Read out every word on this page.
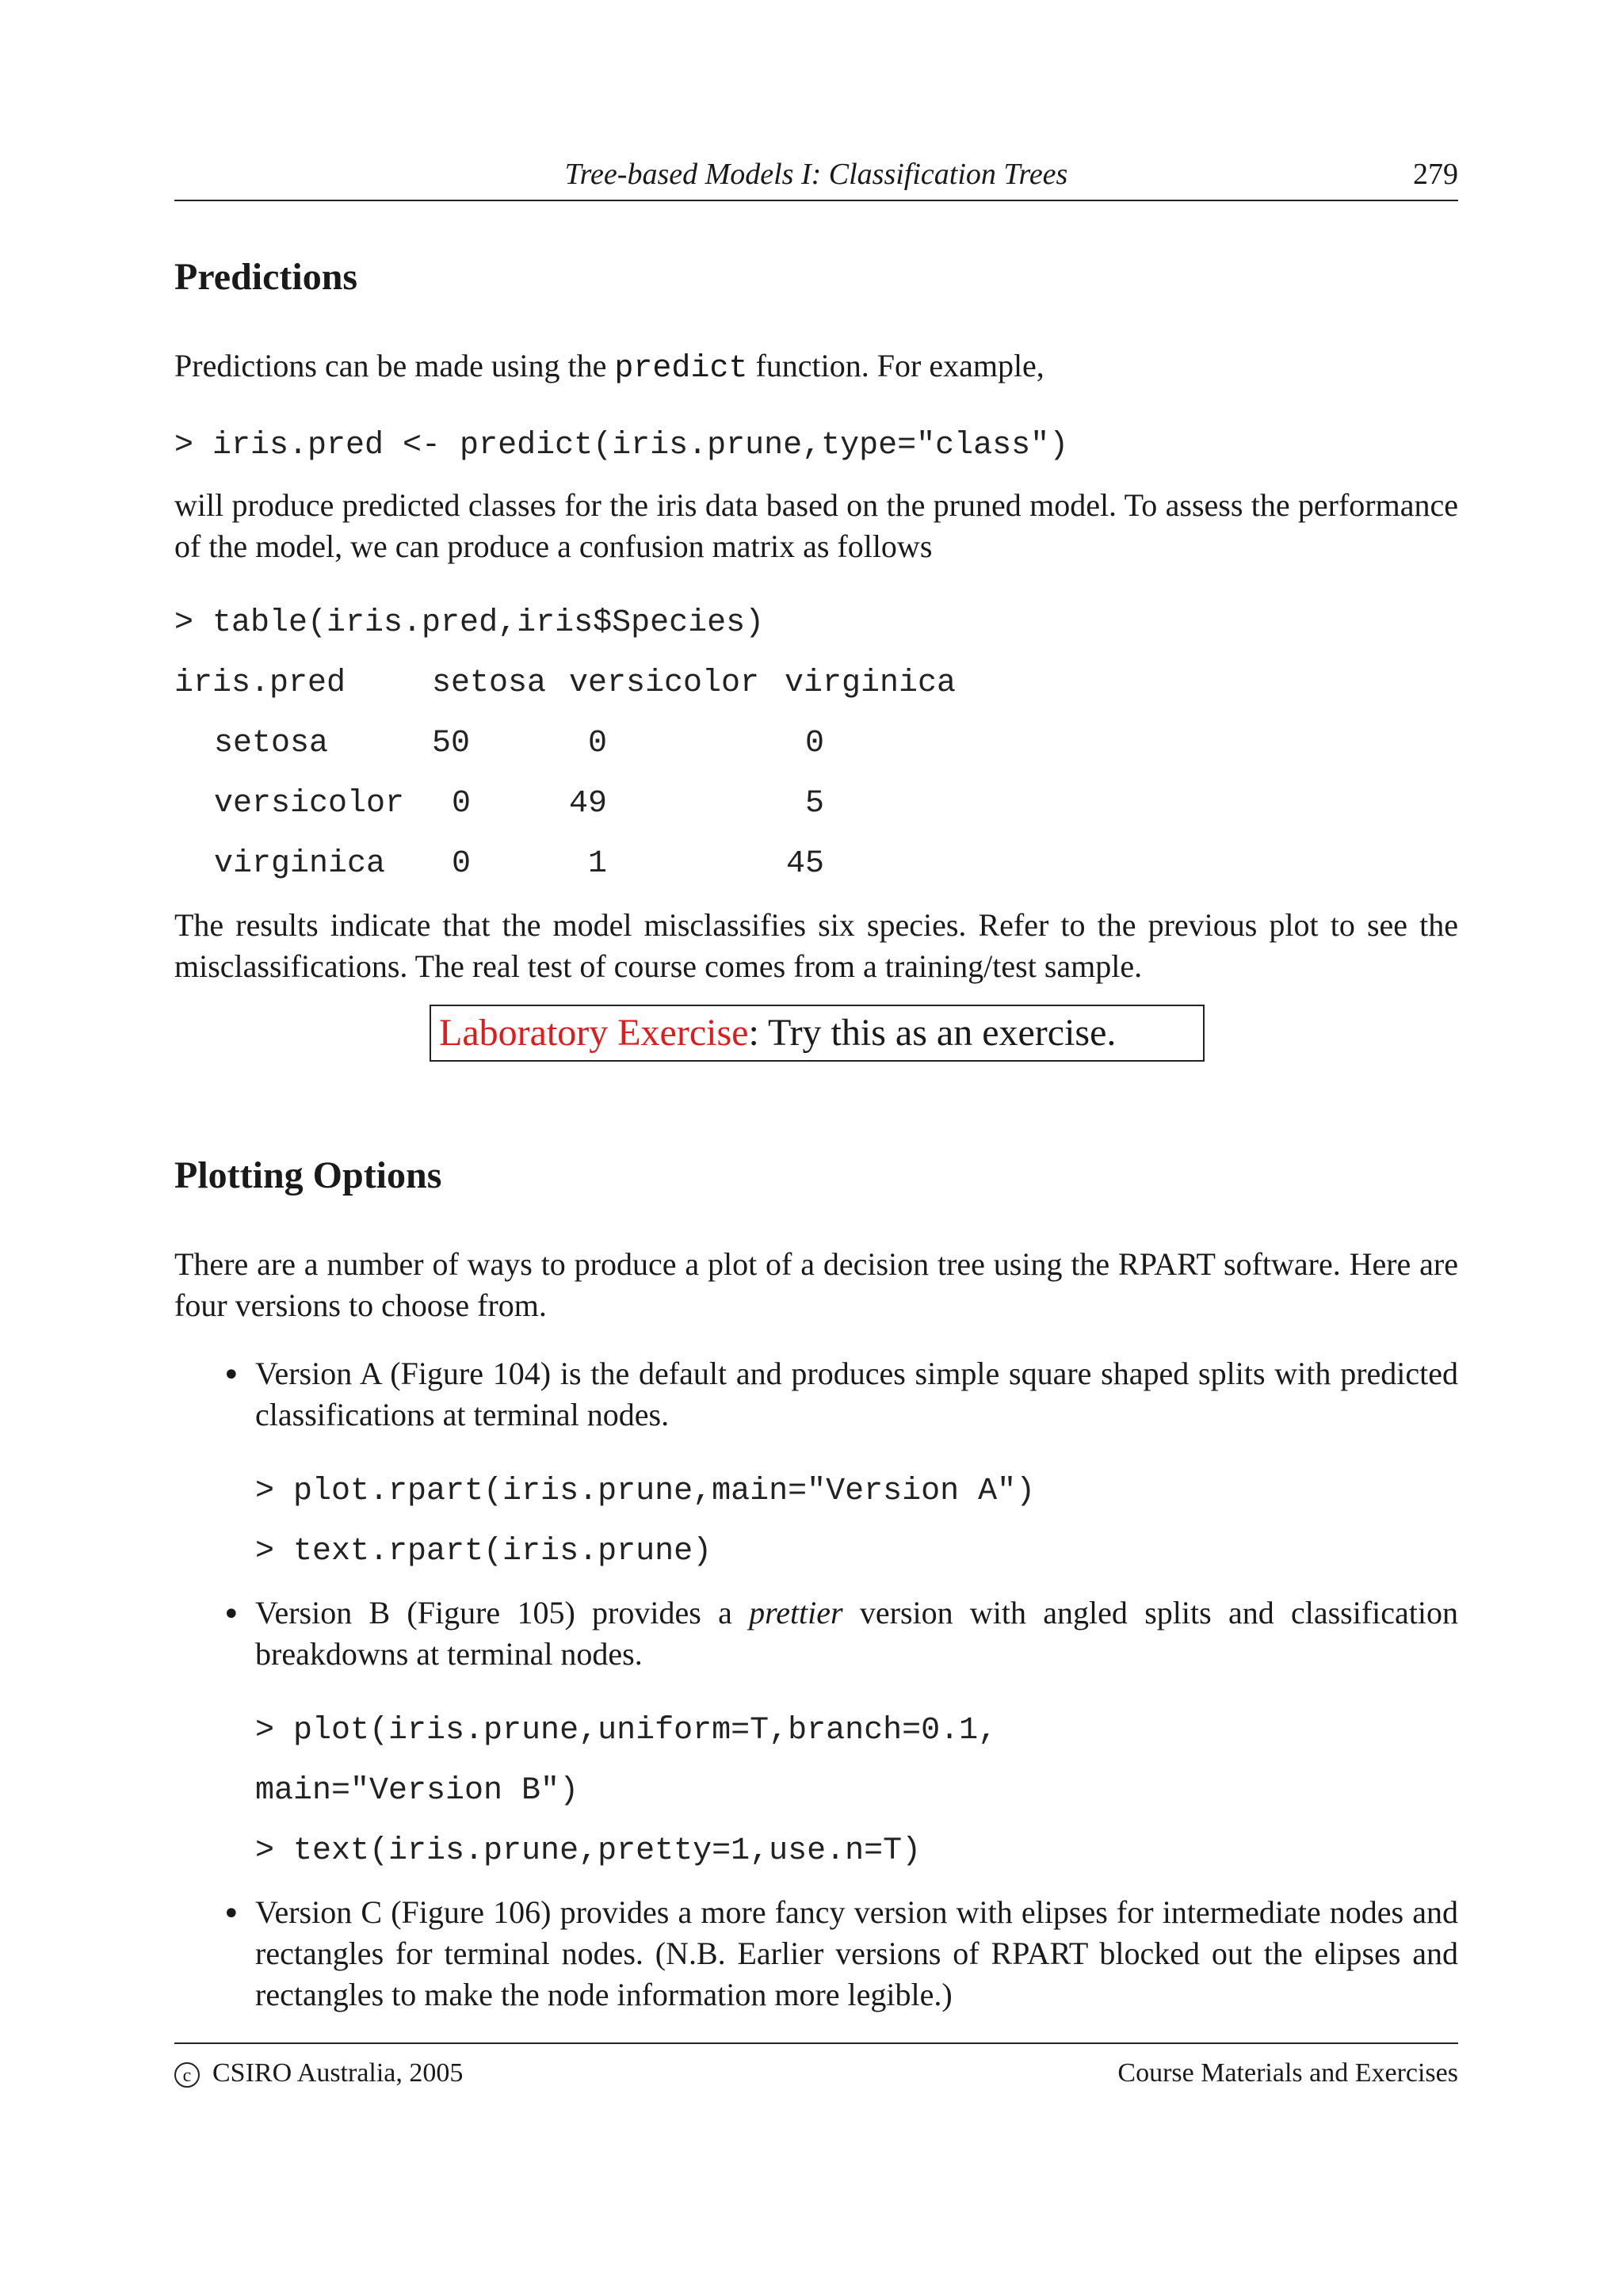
Tree-based Models I: Classification Trees	279
Predictions
Predictions can be made using the predict function. For example,
> iris.pred <- predict(iris.prune,type="class")
will produce predicted classes for the iris data based on the pruned model. To assess the performance of the model, we can produce a confusion matrix as follows
> table(iris.pred,iris$Species)
iris.pred	setosa versicolor virginica
setosa	50	0	0
versicolor 0	49	5
virginica 0	1	45
The results indicate that the model misclassifies six species. Refer to the previous plot to see the misclassifications. The real test of course comes from a training/test sample.
Laboratory Exercise: Try this as an exercise.
Plotting Options
There are a number of ways to produce a plot of a decision tree using the RPART software. Here are four versions to choose from.
• Version A (Figure 104) is the default and produces simple square shaped splits with predicted classifications at terminal nodes.
> plot.rpart(iris.prune,main="Version A")
> text.rpart(iris.prune)
• Version B (Figure 105) provides a prettier version with angled splits and classification breakdowns at terminal nodes.
> plot(iris.prune,uniform=T,branch=0.1,
main="Version B")
> text(iris.prune,pretty=1,use.n=T)
• Version C (Figure 106) provides a more fancy version with elipses for intermediate nodes and rectangles for terminal nodes. (N.B. Earlier versions of RPART blocked out the elipses and rectangles to make the node information more legible.)
c CSIRO Australia, 2005	Course Materials and Exercises
